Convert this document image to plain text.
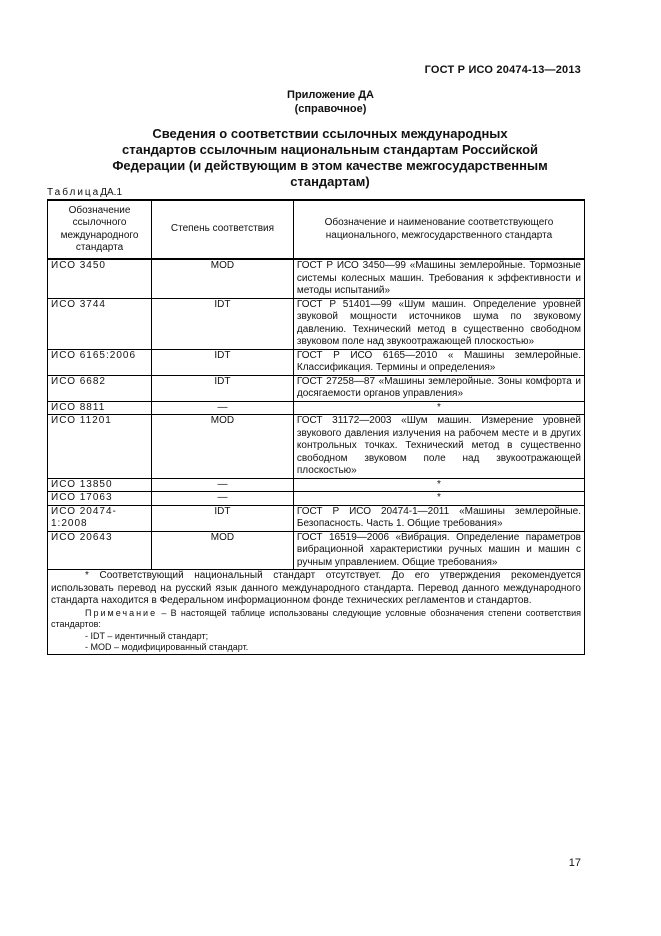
ГОСТ Р ИСО 20474-13—2013
Приложение ДА
(справочное)
Сведения о соответствии ссылочных международных
стандартов ссылочным национальным стандартам Российской
Федерации (и действующим в этом качестве межгосударственным
стандартам)
ТаблицаДА.1
Обозначение ссылочного международного стандарта	Степень соответствия	Обозначение и наименование соответствующего национального, межгосударственного стандарта
ИСО 3450	MOD	ГОСТ Р ИСО 3450—99 «Машины землеройные. Тормозные системы колесных машин. Требования к эффективности и методы испытаний»
ИСО 3744	IDT	ГОСТ Р 51401—99 «Шум машин. Определение уровней звуковой мощности источников шума по звуковому давлению. Технический метод в существенно свободном звуковом поле над звукоотражающей плоскостью»
ИСО 6165:2006	IDT	ГОСТ Р ИСО 6165—2010 « Машины землеройные. Классификация. Термины и определения»
ИСО 6682	IDT	ГОСТ 27258—87 «Машины землеройные. Зоны комфорта и досягаемости органов управления»
ИСО 8811	—	*
ИСО 11201	MOD	ГОСТ 31172—2003 «Шум машин. Измерение уровней звукового давления излучения на рабочем месте и в других контрольных точках. Технический метод в существенно свободном звуковом поле над звукоотражающей плоскостью»
ИСО 13850	—	*
ИСО 17063	—	*
ИСО 20474-1:2008	IDT	ГОСТ Р ИСО 20474-1—2011 «Машины землеройные. Безопасность. Часть 1. Общие требования»
ИСО 20643	MOD	ГОСТ 16519—2006 «Вибрация. Определение параметров вибрационной характеристики ручных машин и машин с ручным управлением. Общие требования»

* Соответствующий национальный стандарт отсутствует. До его утверждения рекомендуется использовать перевод на русский язык данного международного стандарта. Перевод данного международного стандарта находится в Федеральном информационном фонде технических регламентов и стандартов.
Примечание – В настоящей таблице использованы следующие условные обозначения степени соответствия стандартов:
- IDT – идентичный стандарт;
- MOD – модифицированный стандарт.		
17
